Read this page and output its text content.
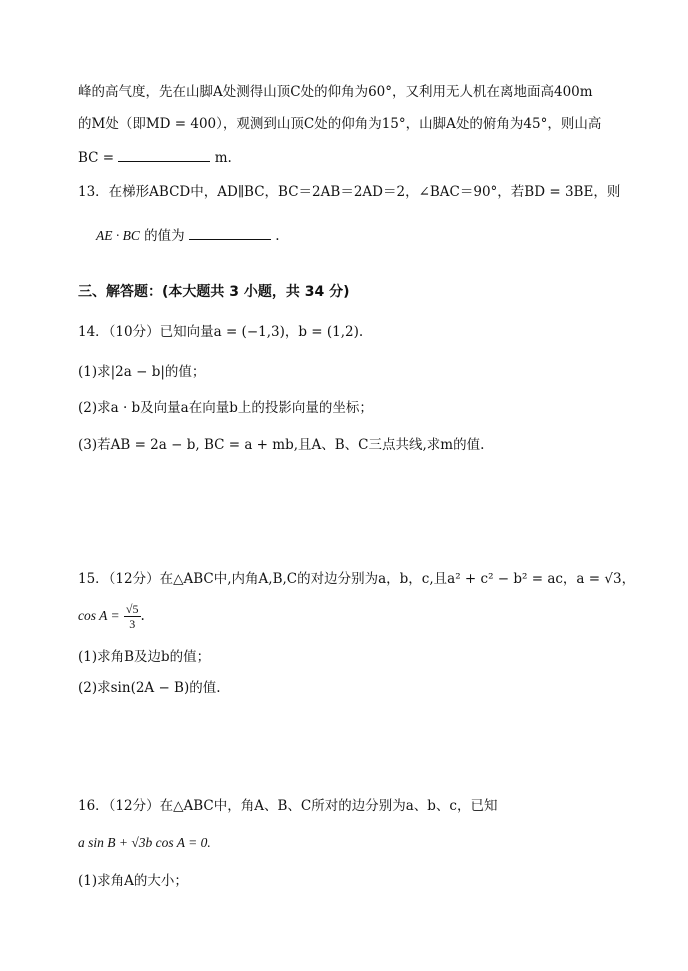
峰的高气度，先在山脚A处测得山顶C处的仰角为60°，又利用无人机在离地面高400m
的M处（即MD = 400），观测到山顶C处的仰角为15°，山脚A处的俯角为45°，则山高
BC =	m.
13．在梯形ABCD中，AD∥BC，BC＝2AB＝2AD＝2，∠BAC＝90°，若BD = 3BE，则
AE · BC 的值为	.
三、解答题：(本大题共 3 小题，共 34 分)
14．（10分）已知向量a = (−1,3)，b = (1,2).
(1)求|2a − b|的值；
(2)求a · b及向量a在向量b上的投影向量的坐标；
(3)若AB = 2a − b, BC = a + mb,且A、B、C三点共线,求m的值.
15．（12分）在△ABC中,内角A,B,C的对边分别为a，b，c,且a² + c² − b² = ac，a = √3，
$\cos A = \frac{√5}{3}$ .
(1)求角B及边b的值；
(2)求sin(2A − B)的值.
16．（12分）在△ABC中，角A、B、C所对的边分别为a、b、c，已知
a sin B + √3b cos A = 0.
(1)求角A的大小；
